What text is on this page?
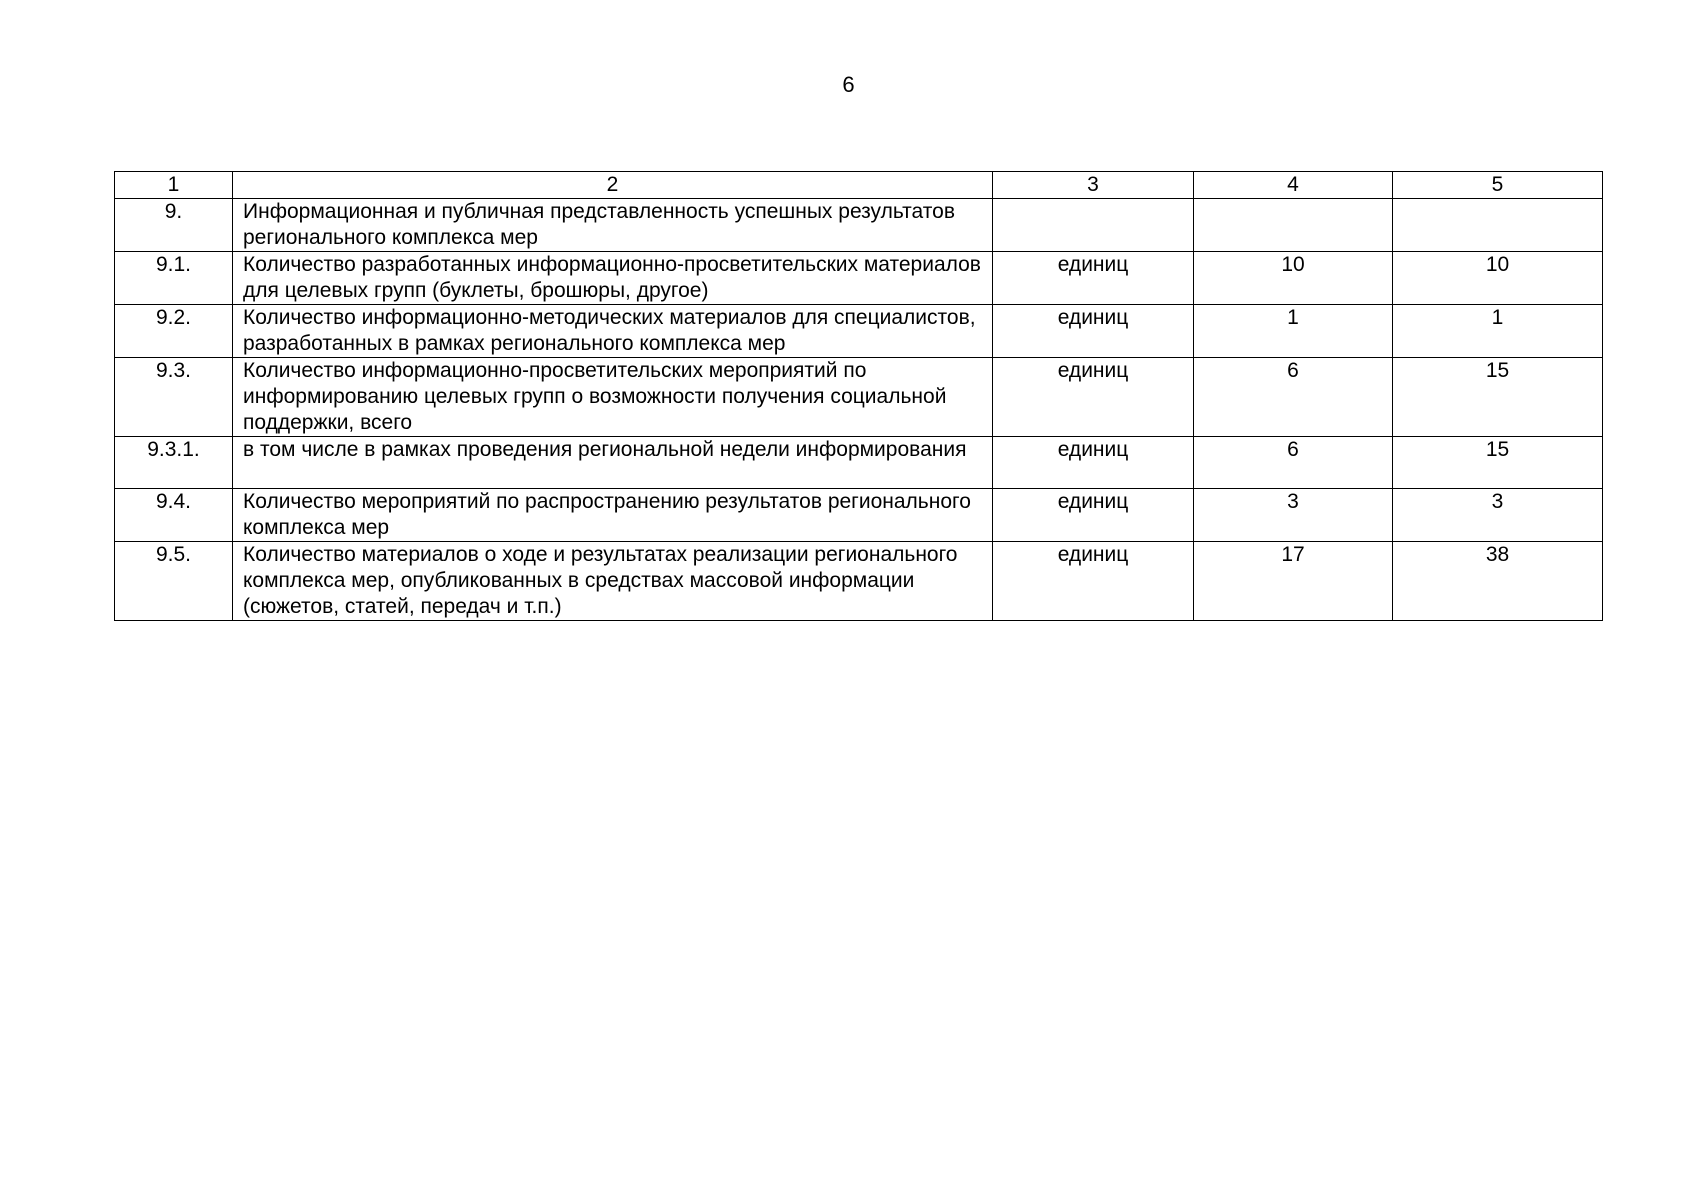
6
1	2	3	4	5
9.	Информационная и публичная представленность успешных результатов регионального комплекса мер			
9.1.	Количество разработанных информационно-просветительских материалов для целевых групп (буклеты, брошюры, другое)	единиц	10	10
9.2.	Количество информационно-методических материалов для специалистов, разработанных в рамках регионального комплекса мер	единиц	1	1
9.3.	Количество информационно-просветительских мероприятий по информированию целевых групп о возможности получения социальной поддержки, всего	единиц	6	15
9.3.1.	в том числе в рамках проведения региональной недели информирования	единиц	6	15
9.4.	Количество мероприятий по распространению результатов регионального комплекса мер	единиц	3	3
9.5.	Количество материалов о ходе и результатах реализации регионального комплекса мер, опубликованных в средствах массовой информации (сюжетов, статей, передач и т.п.)	единиц	17	38
